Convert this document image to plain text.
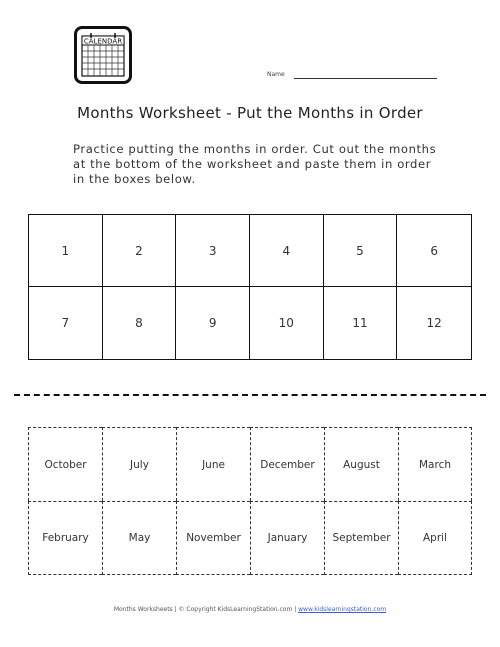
CALENDAR
Name
Months Worksheet - Put the Months in Order
Practice putting the months in order. Cut out the months at the bottom of the worksheet and paste them in order in the boxes below.
1	2	3	4	5	6
7	8	9	10	11	12
October	July	June	December	August	March
February	May	November	January	September	April
Months Worksheets | © Copyright KidsLearningStation.com | www.kidslearningstation.com
